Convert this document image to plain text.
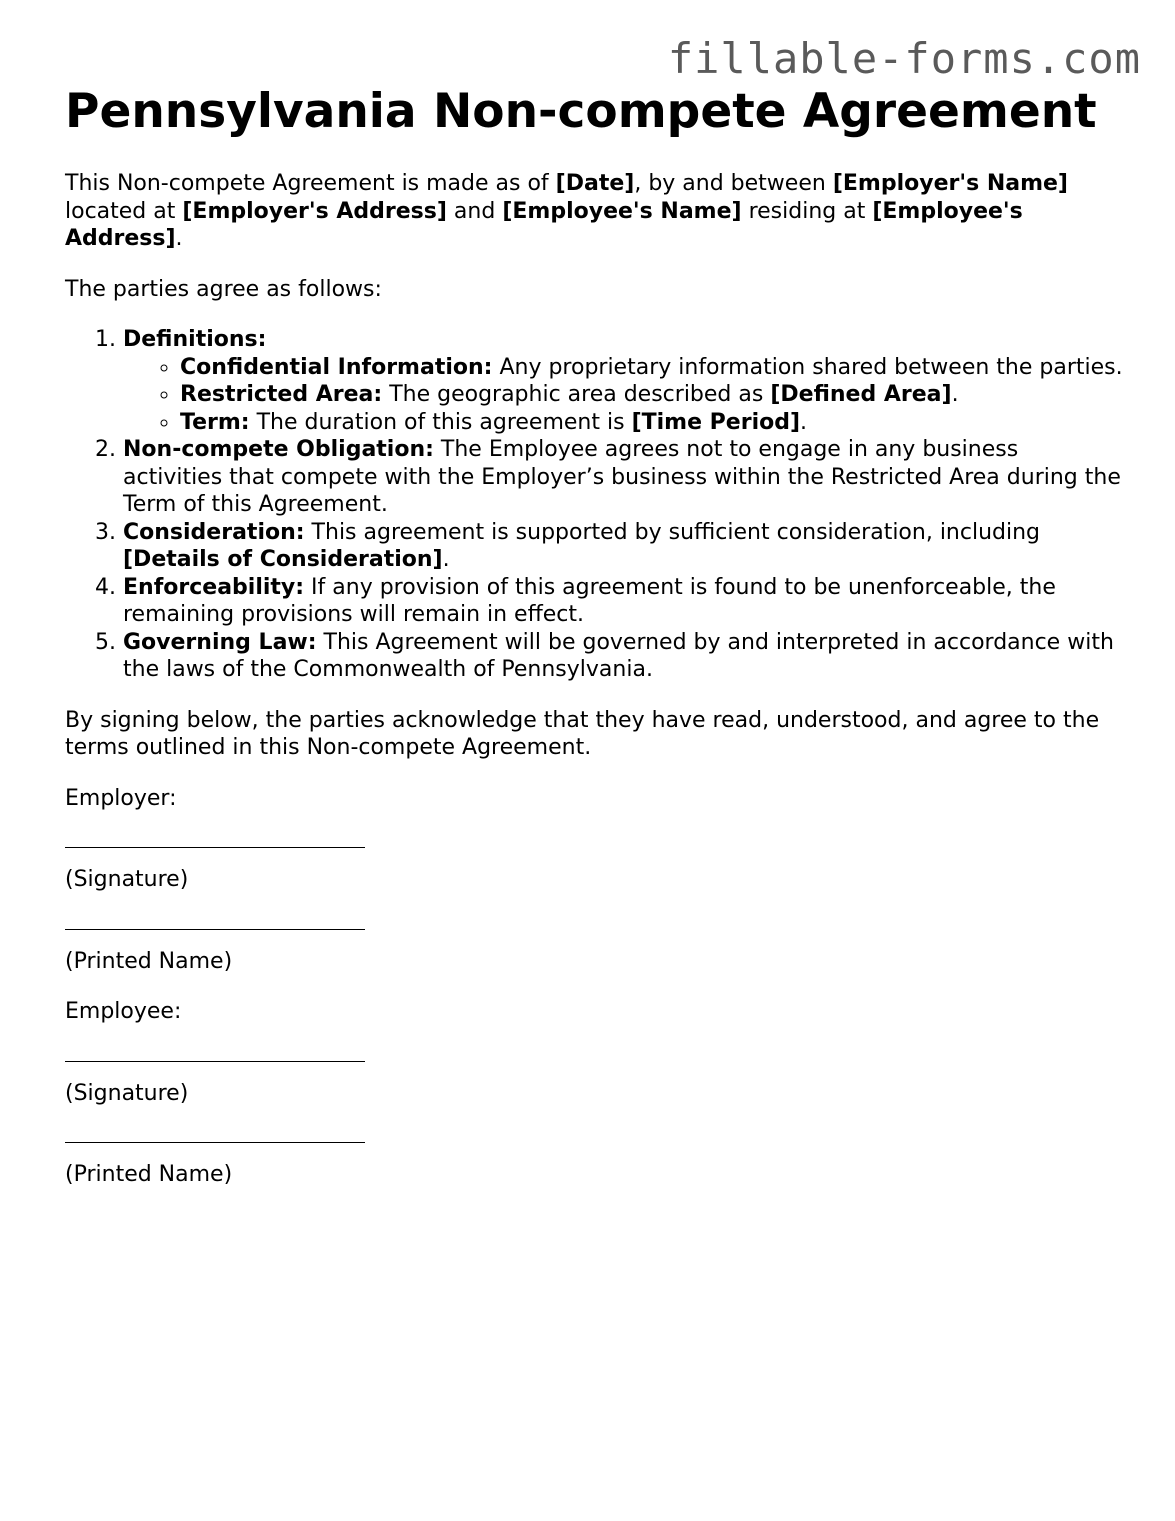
fillable-forms.com
Pennsylvania Non-compete Agreement

This Non-compete Agreement is made as of [Date], by and between [Employer's Name] located at [Employer's Address] and [Employee's Name] residing at [Employee's Address].

The parties agree as follows:

1. Definitions:
◦ Confidential Information: Any proprietary information shared between the parties.
◦ Restricted Area: The geographic area described as [Defined Area].
◦ Term: The duration of this agreement is [Time Period].
2. Non-compete Obligation: The Employee agrees not to engage in any business activities that compete with the Employer’s business within the Restricted Area during the Term of this Agreement.
3. Consideration: This agreement is supported by sufficient consideration, including [Details of Consideration].
4. Enforceability: If any provision of this agreement is found to be unenforceable, the remaining provisions will remain in effect.
5. Governing Law: This Agreement will be governed by and interpreted in accordance with the laws of the Commonwealth of Pennsylvania.

By signing below, the parties acknowledge that they have read, understood, and agree to the terms outlined in this Non-compete Agreement.

Employer:

(Signature)

(Printed Name)

Employee:

(Signature)

(Printed Name)
